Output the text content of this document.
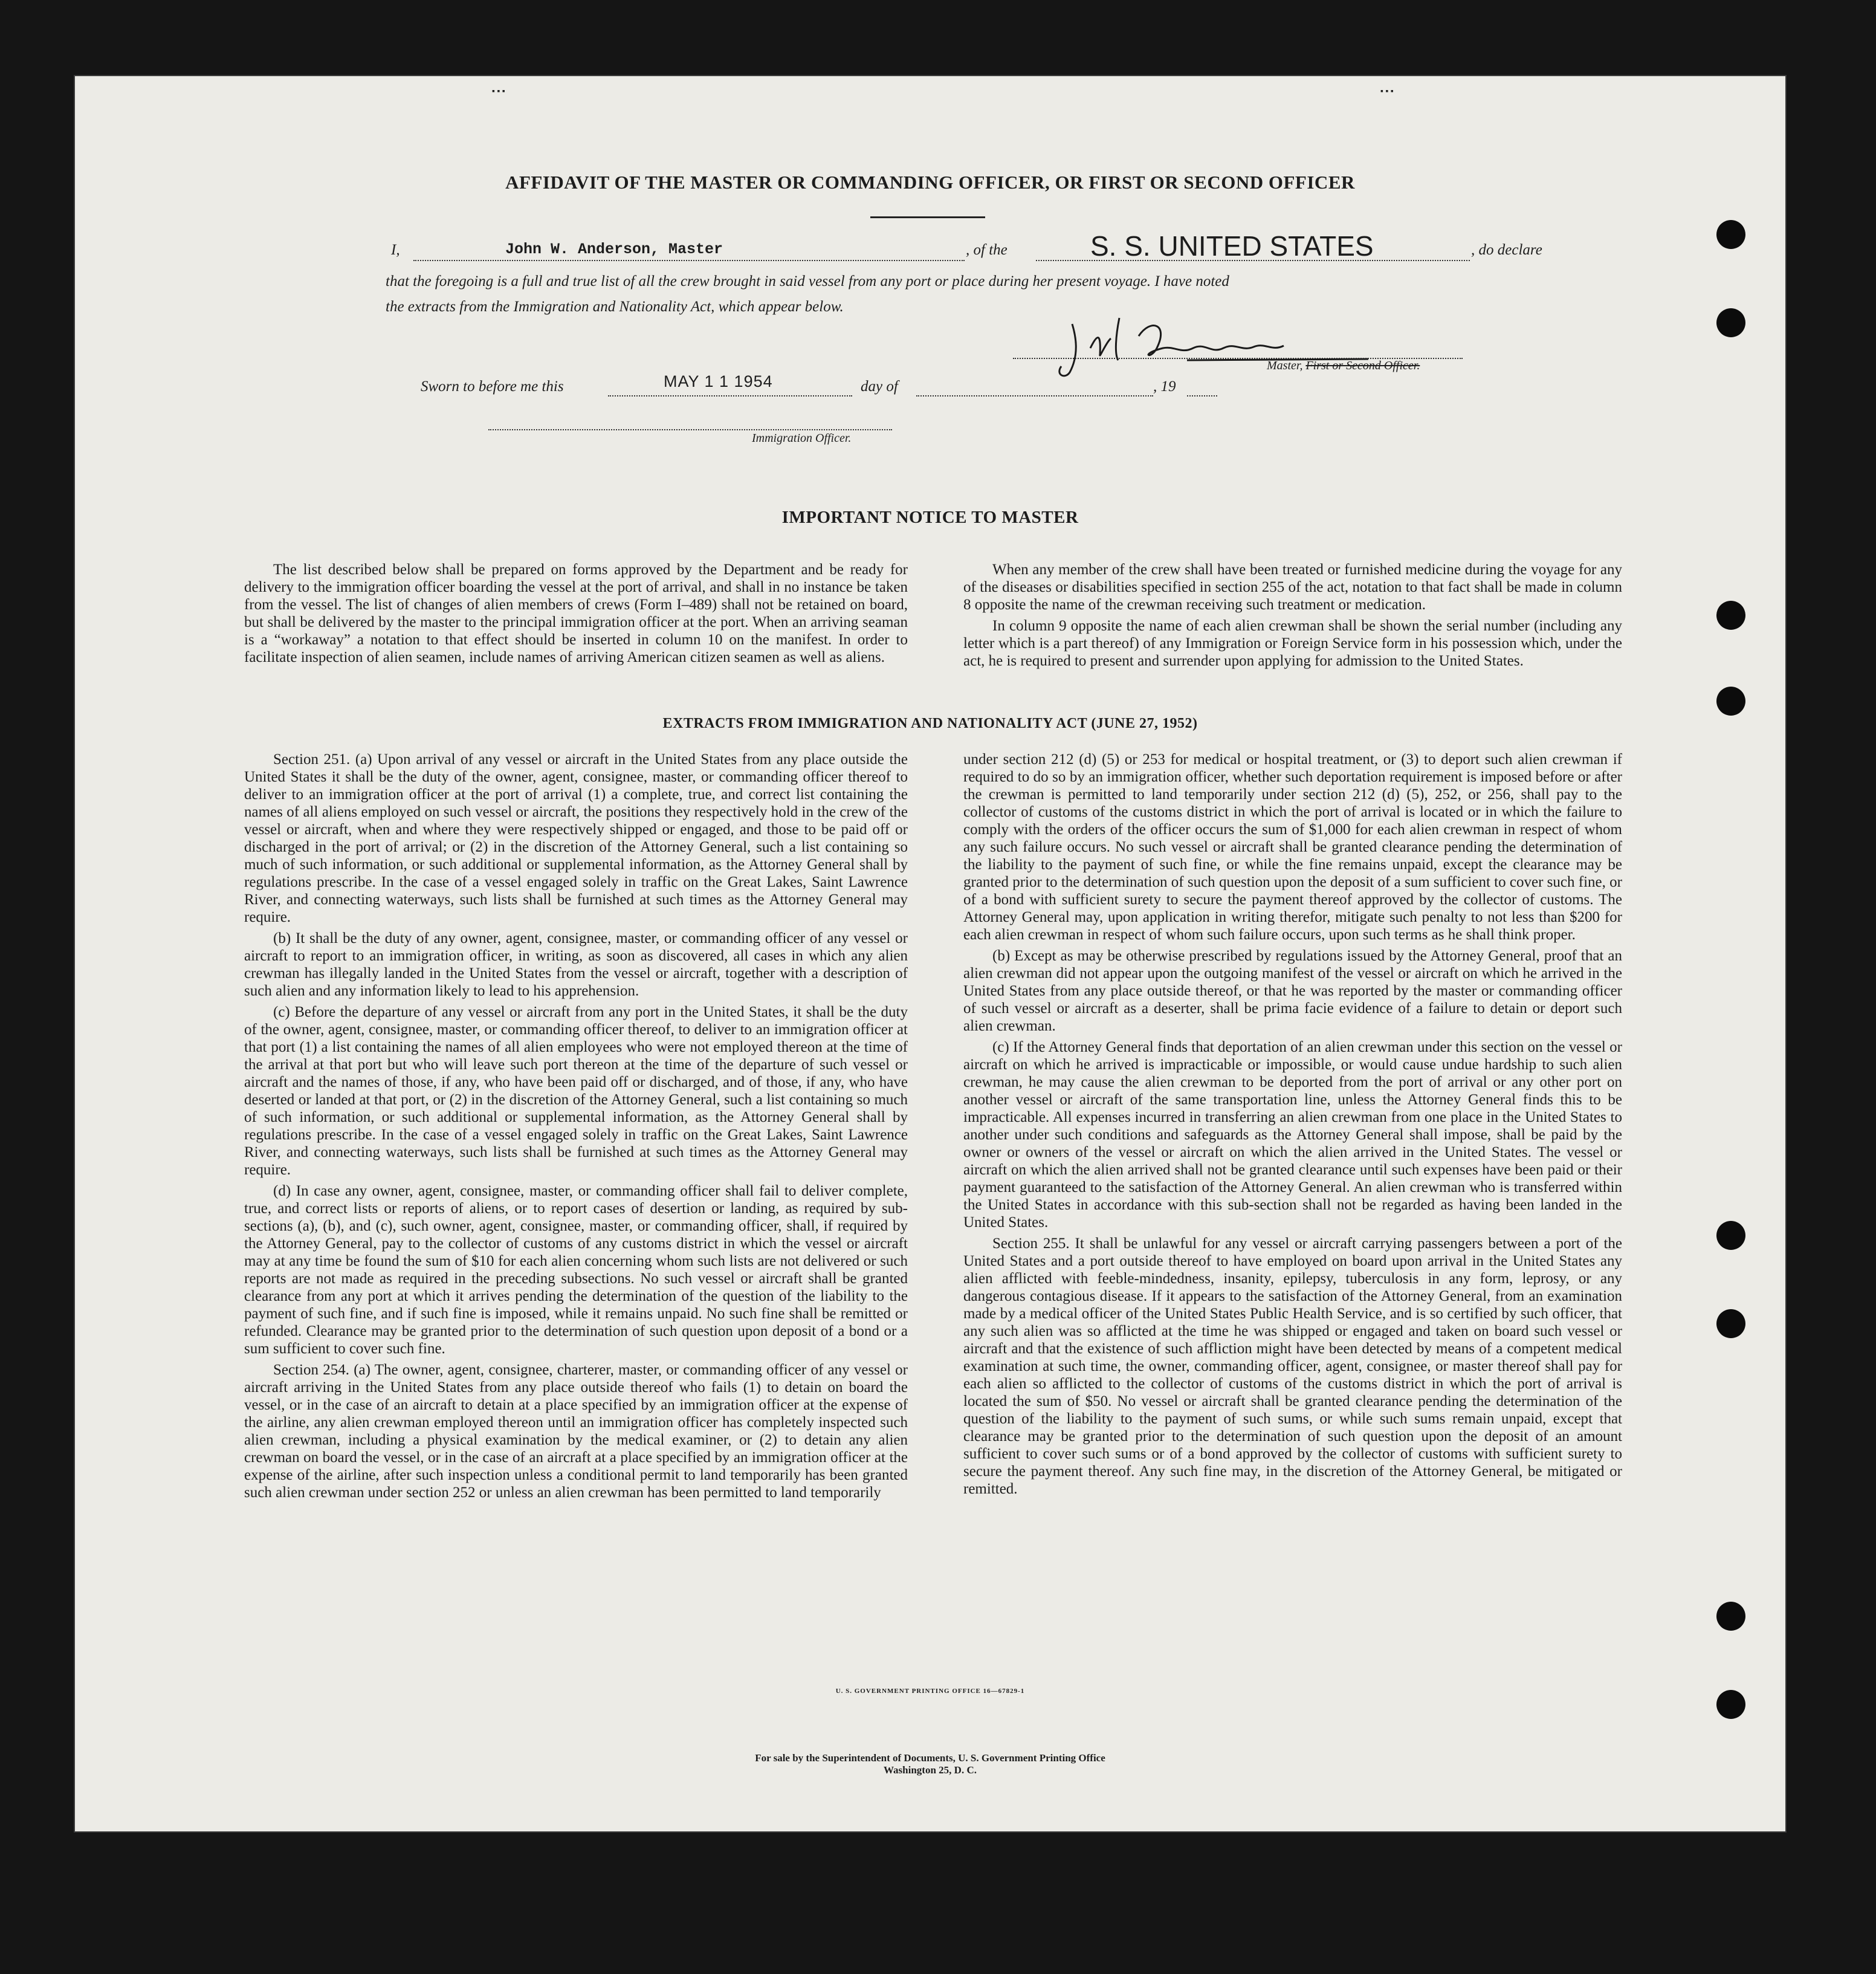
▪ ▪ ▪	▪ ▪ ▪
AFFIDAVIT OF THE MASTER OR COMMANDING OFFICER, OR FIRST OR SECOND OFFICER
I,	John W. Anderson, Master	, of the	S. S. UNITED STATES	, do declare
that the foregoing is a full and true list of all the crew brought in said vessel from any port or place during her present voyage. I have noted
the extracts from the Immigration and Nationality Act, which appear below.
Master, First or Second Officer.
Sworn to before me this	MAY 1 1 1954	day of	, 19
Immigration Officer.
IMPORTANT NOTICE TO MASTER

The list described below shall be prepared on forms approved by the Department and be ready for delivery to the immigration officer boarding the vessel at the port of arrival, and shall in no instance be taken from the vessel. The list of changes of alien members of crews (Form I–489) shall not be retained on board, but shall be delivered by the master to the principal immigration officer at the port. When an arriving seaman is a “workaway” a notation to that effect should be inserted in column 10 on the manifest. In order to facilitate inspection of alien seamen, include names of arriving American citizen seamen as well as aliens.

When any member of the crew shall have been treated or furnished medicine during the voyage for any of the diseases or disabilities specified in section 255 of the act, notation to that fact shall be made in column 8 opposite the name of the crewman receiving such treatment or medication.

In column 9 opposite the name of each alien crewman shall be shown the serial number (including any letter which is a part thereof) of any Immigration or Foreign Service form in his possession which, under the act, he is required to present and surrender upon applying for admission to the United States.

EXTRACTS FROM IMMIGRATION AND NATIONALITY ACT (JUNE 27, 1952)

Section 251. (a) Upon arrival of any vessel or aircraft in the United States from any place outside the United States it shall be the duty of the owner, agent, consignee, master, or commanding officer thereof to deliver to an immigration officer at the port of arrival (1) a complete, true, and correct list containing the names of all aliens employed on such vessel or aircraft, the positions they respectively hold in the crew of the vessel or aircraft, when and where they were respectively shipped or engaged, and those to be paid off or discharged in the port of arrival; or (2) in the discretion of the Attorney General, such a list containing so much of such information, or such additional or supplemental information, as the Attorney General shall by regulations prescribe. In the case of a vessel engaged solely in traffic on the Great Lakes, Saint Lawrence River, and connecting waterways, such lists shall be furnished at such times as the Attorney General may require.

(b) It shall be the duty of any owner, agent, consignee, master, or commanding officer of any vessel or aircraft to report to an immigration officer, in writing, as soon as discovered, all cases in which any alien crewman has illegally landed in the United States from the vessel or aircraft, together with a description of such alien and any information likely to lead to his apprehension.

(c) Before the departure of any vessel or aircraft from any port in the United States, it shall be the duty of the owner, agent, consignee, master, or commanding officer thereof, to deliver to an immigration officer at that port (1) a list containing the names of all alien employees who were not employed thereon at the time of the arrival at that port but who will leave such port thereon at the time of the departure of such vessel or aircraft and the names of those, if any, who have been paid off or discharged, and of those, if any, who have deserted or landed at that port, or (2) in the discretion of the Attorney General, such a list containing so much of such information, or such additional or supplemental information, as the Attorney General shall by regulations prescribe. In the case of a vessel engaged solely in traffic on the Great Lakes, Saint Lawrence River, and connecting waterways, such lists shall be furnished at such times as the Attorney General may require.

(d) In case any owner, agent, consignee, master, or commanding officer shall fail to deliver complete, true, and correct lists or reports of aliens, or to report cases of desertion or landing, as required by sub-sections (a), (b), and (c), such owner, agent, consignee, master, or commanding officer, shall, if required by the Attorney General, pay to the collector of customs of any customs district in which the vessel or aircraft may at any time be found the sum of $10 for each alien concerning whom such lists are not delivered or such reports are not made as required in the preceding subsections. No such vessel or aircraft shall be granted clearance from any port at which it arrives pending the determination of the question of the liability to the payment of such fine, and if such fine is imposed, while it remains unpaid. No such fine shall be remitted or refunded. Clearance may be granted prior to the determination of such question upon deposit of a bond or a sum sufficient to cover such fine.

Section 254. (a) The owner, agent, consignee, charterer, master, or commanding officer of any vessel or aircraft arriving in the United States from any place outside thereof who fails (1) to detain on board the vessel, or in the case of an aircraft to detain at a place specified by an immigration officer at the expense of the airline, any alien crewman employed thereon until an immigration officer has completely inspected such alien crewman, including a physical examination by the medical examiner, or (2) to detain any alien crewman on board the vessel, or in the case of an aircraft at a place specified by an immigration officer at the expense of the airline, after such inspection unless a conditional permit to land temporarily has been granted such alien crewman under section 252 or unless an alien crewman has been permitted to land temporarily

under section 212 (d) (5) or 253 for medical or hospital treatment, or (3) to deport such alien crewman if required to do so by an immigration officer, whether such deportation requirement is imposed before or after the crewman is permitted to land temporarily under section 212 (d) (5), 252, or 256, shall pay to the collector of customs of the customs district in which the port of arrival is located or in which the failure to comply with the orders of the officer occurs the sum of $1,000 for each alien crewman in respect of whom any such failure occurs. No such vessel or aircraft shall be granted clearance pending the determination of the liability to the payment of such fine, or while the fine remains unpaid, except the clearance may be granted prior to the determination of such question upon the deposit of a sum sufficient to cover such fine, or of a bond with sufficient surety to secure the payment thereof approved by the collector of customs. The Attorney General may, upon application in writing therefor, mitigate such penalty to not less than $200 for each alien crewman in respect of whom such failure occurs, upon such terms as he shall think proper.

(b) Except as may be otherwise prescribed by regulations issued by the Attorney General, proof that an alien crewman did not appear upon the outgoing manifest of the vessel or aircraft on which he arrived in the United States from any place outside thereof, or that he was reported by the master or commanding officer of such vessel or aircraft as a deserter, shall be prima facie evidence of a failure to detain or deport such alien crewman.

(c) If the Attorney General finds that deportation of an alien crewman under this section on the vessel or aircraft on which he arrived is impracticable or impossible, or would cause undue hardship to such alien crewman, he may cause the alien crewman to be deported from the port of arrival or any other port on another vessel or aircraft of the same transportation line, unless the Attorney General finds this to be impracticable. All expenses incurred in transferring an alien crewman from one place in the United States to another under such conditions and safeguards as the Attorney General shall impose, shall be paid by the owner or owners of the vessel or aircraft on which the alien arrived in the United States. The vessel or aircraft on which the alien arrived shall not be granted clearance until such expenses have been paid or their payment guaranteed to the satisfaction of the Attorney General. An alien crewman who is transferred within the United States in accordance with this sub-section shall not be regarded as having been landed in the United States.

Section 255. It shall be unlawful for any vessel or aircraft carrying passengers between a port of the United States and a port outside thereof to have employed on board upon arrival in the United States any alien afflicted with feeble-mindedness, insanity, epilepsy, tuberculosis in any form, leprosy, or any dangerous contagious disease. If it appears to the satisfaction of the Attorney General, from an examination made by a medical officer of the United States Public Health Service, and is so certified by such officer, that any such alien was so afflicted at the time he was shipped or engaged and taken on board such vessel or aircraft and that the existence of such affliction might have been detected by means of a competent medical examination at such time, the owner, commanding officer, agent, consignee, or master thereof shall pay for each alien so afflicted to the collector of customs of the customs district in which the port of arrival is located the sum of $50. No vessel or aircraft shall be granted clearance pending the determination of the question of the liability to the payment of such sums, or while such sums remain unpaid, except that clearance may be granted prior to the determination of such question upon the deposit of an amount sufficient to cover such sums or of a bond approved by the collector of customs with sufficient surety to secure the payment thereof. Any such fine may, in the discretion of the Attorney General, be mitigated or remitted.

U. S. GOVERNMENT PRINTING OFFICE 16—67829-1
For sale by the Superintendent of Documents, U. S. Government Printing Office
Washington 25, D. C.
